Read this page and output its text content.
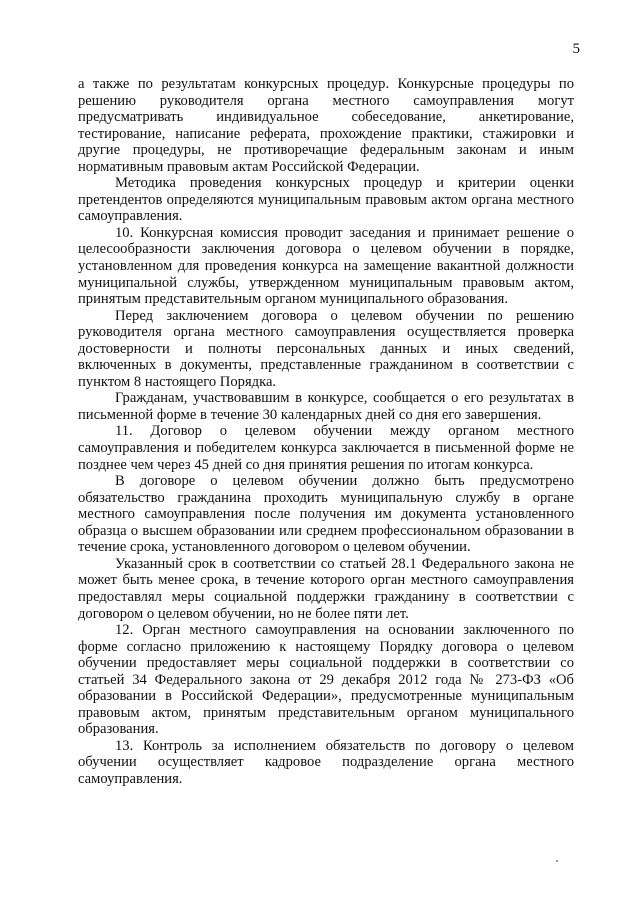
5

а также по результатам конкурсных процедур. Конкурсные процедуры по решению руководителя органа местного самоуправления могут предусматривать индивидуальное собеседование, анкетирование, тестирование, написание реферата, прохождение практики, стажировки и другие процедуры, не противоречащие федеральным законам и иным нормативным правовым актам Российской Федерации.

Методика проведения конкурсных процедур и критерии оценки претендентов определяются муниципальным правовым актом органа местного самоуправления.

10. Конкурсная комиссия проводит заседания и принимает решение о целесообразности заключения договора о целевом обучении в порядке, установленном для проведения конкурса на замещение вакантной должности муниципальной службы, утвержденном муниципальным правовым актом, принятым представительным органом муниципального образования.

Перед заключением договора о целевом обучении по решению руководителя органа местного самоуправления осуществляется проверка достоверности и полноты персональных данных и иных сведений, включенных в документы, представленные гражданином в соответствии с пунктом 8 настоящего Порядка.

Гражданам, участвовавшим в конкурсе, сообщается о его результатах в письменной форме в течение 30 календарных дней со дня его завершения.

11. Договор о целевом обучении между органом местного самоуправления и победителем конкурса заключается в письменной форме не позднее чем через 45 дней со дня принятия решения по итогам конкурса.

В договоре о целевом обучении должно быть предусмотрено обязательство гражданина проходить муниципальную службу в органе местного самоуправления после получения им документа установленного образца о высшем образовании или среднем профессиональном образовании в течение срока, установленного договором о целевом обучении.

Указанный срок в соответствии со статьей 28.1 Федерального закона не может быть менее срока, в течение которого орган местного самоуправления предоставлял меры социальной поддержки гражданину в соответствии с договором о целевом обучении, но не более пяти лет.

12. Орган местного самоуправления на основании заключенного по форме согласно приложению к настоящему Порядку договора о целевом обучении предоставляет меры социальной поддержки в соответствии со статьей 34 Федерального закона от 29 декабря 2012 года № 273-ФЗ «Об образовании в Российской Федерации», предусмотренные муниципальным правовым актом, принятым представительным органом муниципального образования.

13. Контроль за исполнением обязательств по договору о целевом обучении осуществляет кадровое подразделение органа местного самоуправления.
